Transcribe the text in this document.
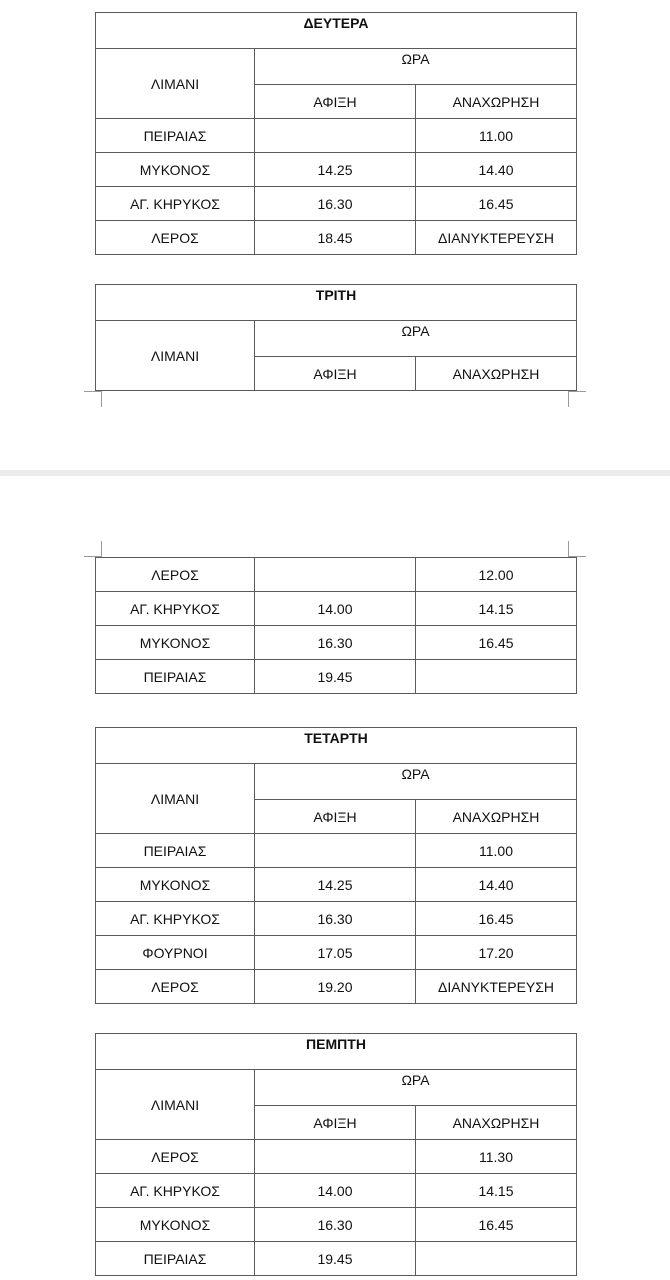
ΔΕΥΤΕΡΑ		
ΛΙΜΑΝΙ	ΩΡΑ	
	ΑΦΙΞΗ	ΑΝΑΧΩΡΗΣΗ
ΠΕΙΡΑΙΑΣ		11.00
ΜΥΚΟΝΟΣ	14.25	14.40
ΑΓ. ΚΗΡΥΚΟΣ	16.30	16.45
ΛΕΡΟΣ	18.45	ΔΙΑΝΥΚΤΕΡΕΥΣΗ
ΤΡΙΤΗ		
ΛΙΜΑΝΙ	ΩΡΑ	
	ΑΦΙΞΗ	ΑΝΑΧΩΡΗΣΗ
ΛΕΡΟΣ		12.00
ΑΓ. ΚΗΡΥΚΟΣ	14.00	14.15
ΜΥΚΟΝΟΣ	16.30	16.45
ΠΕΙΡΑΙΑΣ	19.45	
ΤΕΤΑΡΤΗ		
ΛΙΜΑΝΙ	ΩΡΑ	
	ΑΦΙΞΗ	ΑΝΑΧΩΡΗΣΗ
ΠΕΙΡΑΙΑΣ		11.00
ΜΥΚΟΝΟΣ	14.25	14.40
ΑΓ. ΚΗΡΥΚΟΣ	16.30	16.45
ΦΟΥΡΝΟΙ	17.05	17.20
ΛΕΡΟΣ	19.20	ΔΙΑΝΥΚΤΕΡΕΥΣΗ
ΠΕΜΠΤΗ		
ΛΙΜΑΝΙ	ΩΡΑ	
	ΑΦΙΞΗ	ΑΝΑΧΩΡΗΣΗ
ΛΕΡΟΣ		11.30
ΑΓ. ΚΗΡΥΚΟΣ	14.00	14.15
ΜΥΚΟΝΟΣ	16.30	16.45
ΠΕΙΡΑΙΑΣ	19.45	
